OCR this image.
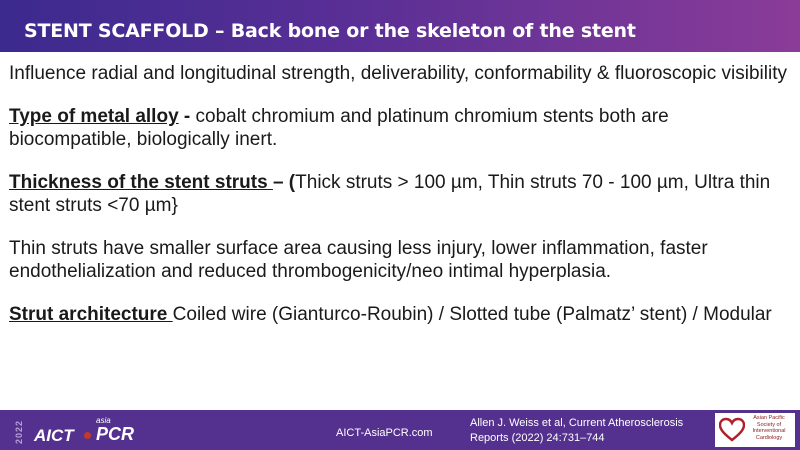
STENT SCAFFOLD – Back bone or the skeleton of the stent

Influence radial and longitudinal strength, deliverability, conformability & fluoroscopic visibility

Type of metal alloy - cobalt chromium and platinum chromium stents both are biocompatible, biologically inert.

Thickness of the stent struts – (Thick struts > 100 µm, Thin struts 70 - 100 µm, Ultra thin stent struts <70 µm}

Thin struts have smaller surface area causing less injury, lower inflammation, faster endothelialization and reduced thrombogenicity/neo intimal hyperplasia.

Strut architecture Coiled wire (Gianturco-Roubin) / Slotted tube (Palmatz’ stent) / Modular

2022 AICT
asia
PCR	AICT-AsiaPCR.com
Allen J. Weiss et al, Current Atherosclerosis Reports (2022) 24:731–744
Asian Pacific Society of Interventional Cardiology
